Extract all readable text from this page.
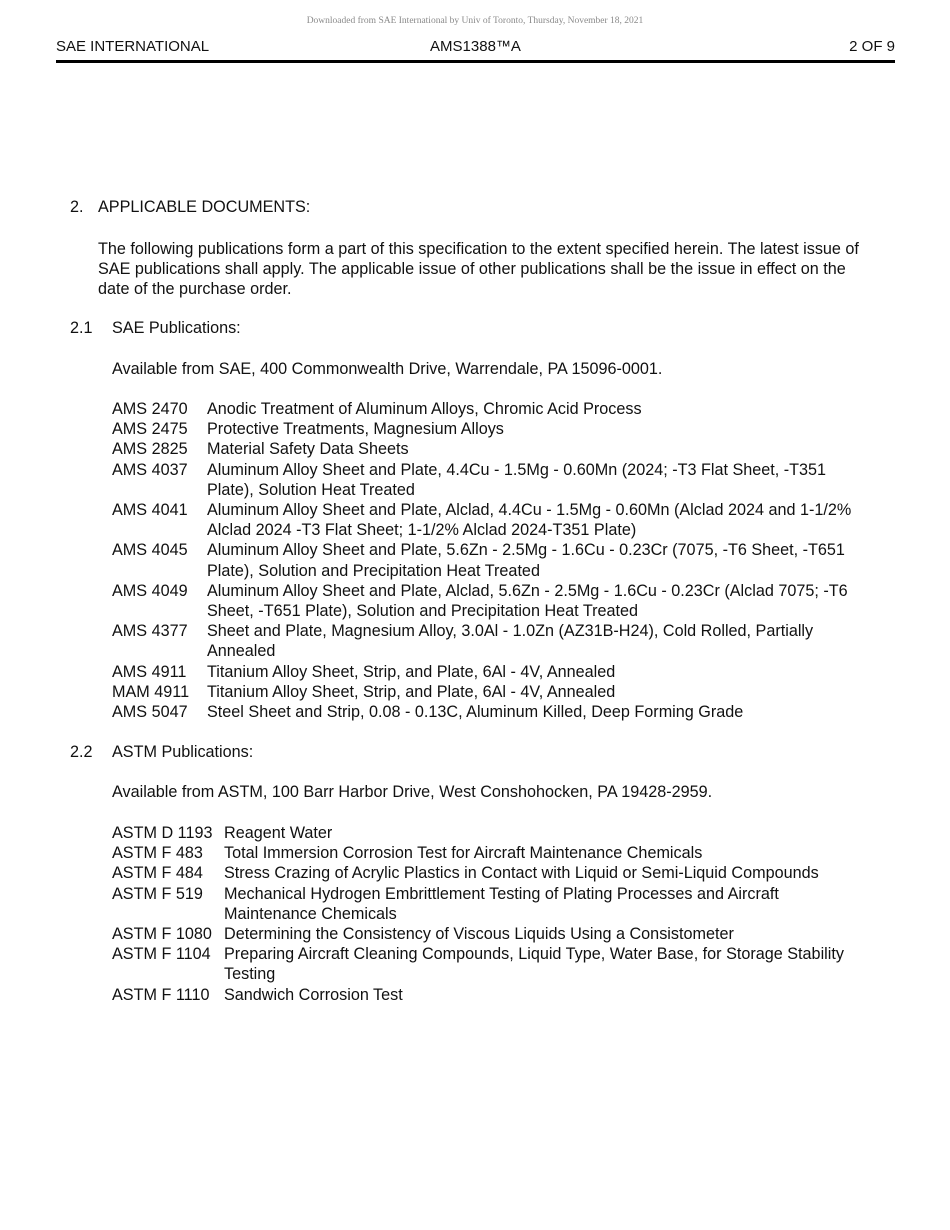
Downloaded from SAE International by Univ of Toronto, Thursday, November 18, 2021
SAE INTERNATIONAL	AMS1388™A	2 OF 9
2. APPLICABLE DOCUMENTS:
The following publications form a part of this specification to the extent specified herein. The latest issue of SAE publications shall apply. The applicable issue of other publications shall be the issue in effect on the date of the purchase order.
2.1 SAE Publications:
Available from SAE, 400 Commonwealth Drive, Warrendale, PA 15096-0001.
AMS 2470	Anodic Treatment of Aluminum Alloys, Chromic Acid Process
AMS 2475	Protective Treatments, Magnesium Alloys
AMS 2825	Material Safety Data Sheets
AMS 4037	Aluminum Alloy Sheet and Plate, 4.4Cu - 1.5Mg - 0.60Mn (2024; -T3 Flat Sheet, -T351 Plate), Solution Heat Treated
AMS 4041	Aluminum Alloy Sheet and Plate, Alclad, 4.4Cu - 1.5Mg - 0.60Mn (Alclad 2024 and 1-1/2% Alclad 2024 -T3 Flat Sheet; 1-1/2% Alclad 2024-T351 Plate)
AMS 4045	Aluminum Alloy Sheet and Plate, 5.6Zn - 2.5Mg - 1.6Cu - 0.23Cr (7075, -T6 Sheet, -T651 Plate), Solution and Precipitation Heat Treated
AMS 4049	Aluminum Alloy Sheet and Plate, Alclad, 5.6Zn - 2.5Mg - 1.6Cu - 0.23Cr (Alclad 7075; -T6 Sheet, -T651 Plate), Solution and Precipitation Heat Treated
AMS 4377	Sheet and Plate, Magnesium Alloy, 3.0Al - 1.0Zn (AZ31B-H24), Cold Rolled, Partially Annealed
AMS 4911	Titanium Alloy Sheet, Strip, and Plate, 6Al - 4V, Annealed
MAM 4911	Titanium Alloy Sheet, Strip, and Plate, 6Al - 4V, Annealed
AMS 5047	Steel Sheet and Strip, 0.08 - 0.13C, Aluminum Killed, Deep Forming Grade
2.2 ASTM Publications:
Available from ASTM, 100 Barr Harbor Drive, West Conshohocken, PA 19428-2959.
ASTM D 1193 Reagent Water
ASTM F 483	Total Immersion Corrosion Test for Aircraft Maintenance Chemicals
ASTM F 484	Stress Crazing of Acrylic Plastics in Contact with Liquid or Semi-Liquid Compounds
ASTM F 519	Mechanical Hydrogen Embrittlement Testing of Plating Processes and Aircraft Maintenance Chemicals
ASTM F 1080 Determining the Consistency of Viscous Liquids Using a Consistometer
ASTM F 1104 Preparing Aircraft Cleaning Compounds, Liquid Type, Water Base, for Storage Stability Testing
ASTM F 1110 Sandwich Corrosion Test
